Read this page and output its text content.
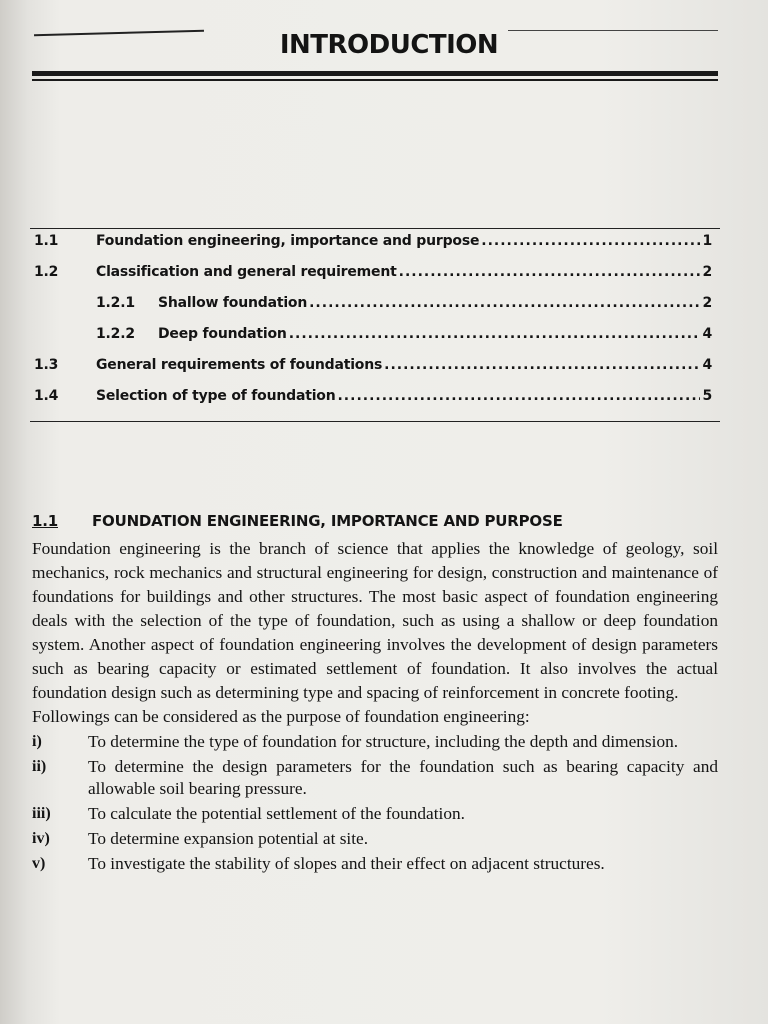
INTRODUCTION
1.1	Foundation engineering, importance and purpose .....	1
1.2	Classification and general requirement .....	2
1.2.1	Shallow foundation .....	2
1.2.2	Deep foundation .....	4
1.3	General requirements of foundations .....	4
1.4	Selection of type of foundation .....	5
1.1 FOUNDATION ENGINEERING, IMPORTANCE AND PURPOSE

Foundation engineering is the branch of science that applies the knowledge of geology, soil mechanics, rock mechanics and structural engineering for design, construction and maintenance of foundations for buildings and other structures. The most basic aspect of foundation engineering deals with the selection of the type of foundation, such as using a shallow or deep foundation system. Another aspect of foundation engineering involves the development of design parameters such as bearing capacity or estimated settlement of foundation. It also involves the actual foundation design such as determining type and spacing of reinforcement in concrete footing.

Followings can be considered as the purpose of foundation engineering:

i)	To determine the type of foundation for structure, including the depth and dimension.
ii)	To determine the design parameters for the foundation such as bearing capacity and allowable soil bearing pressure.
iii)	To calculate the potential settlement of the foundation.
iv)	To determine expansion potential at site.
v)	To investigate the stability of slopes and their effect on adjacent structures.
